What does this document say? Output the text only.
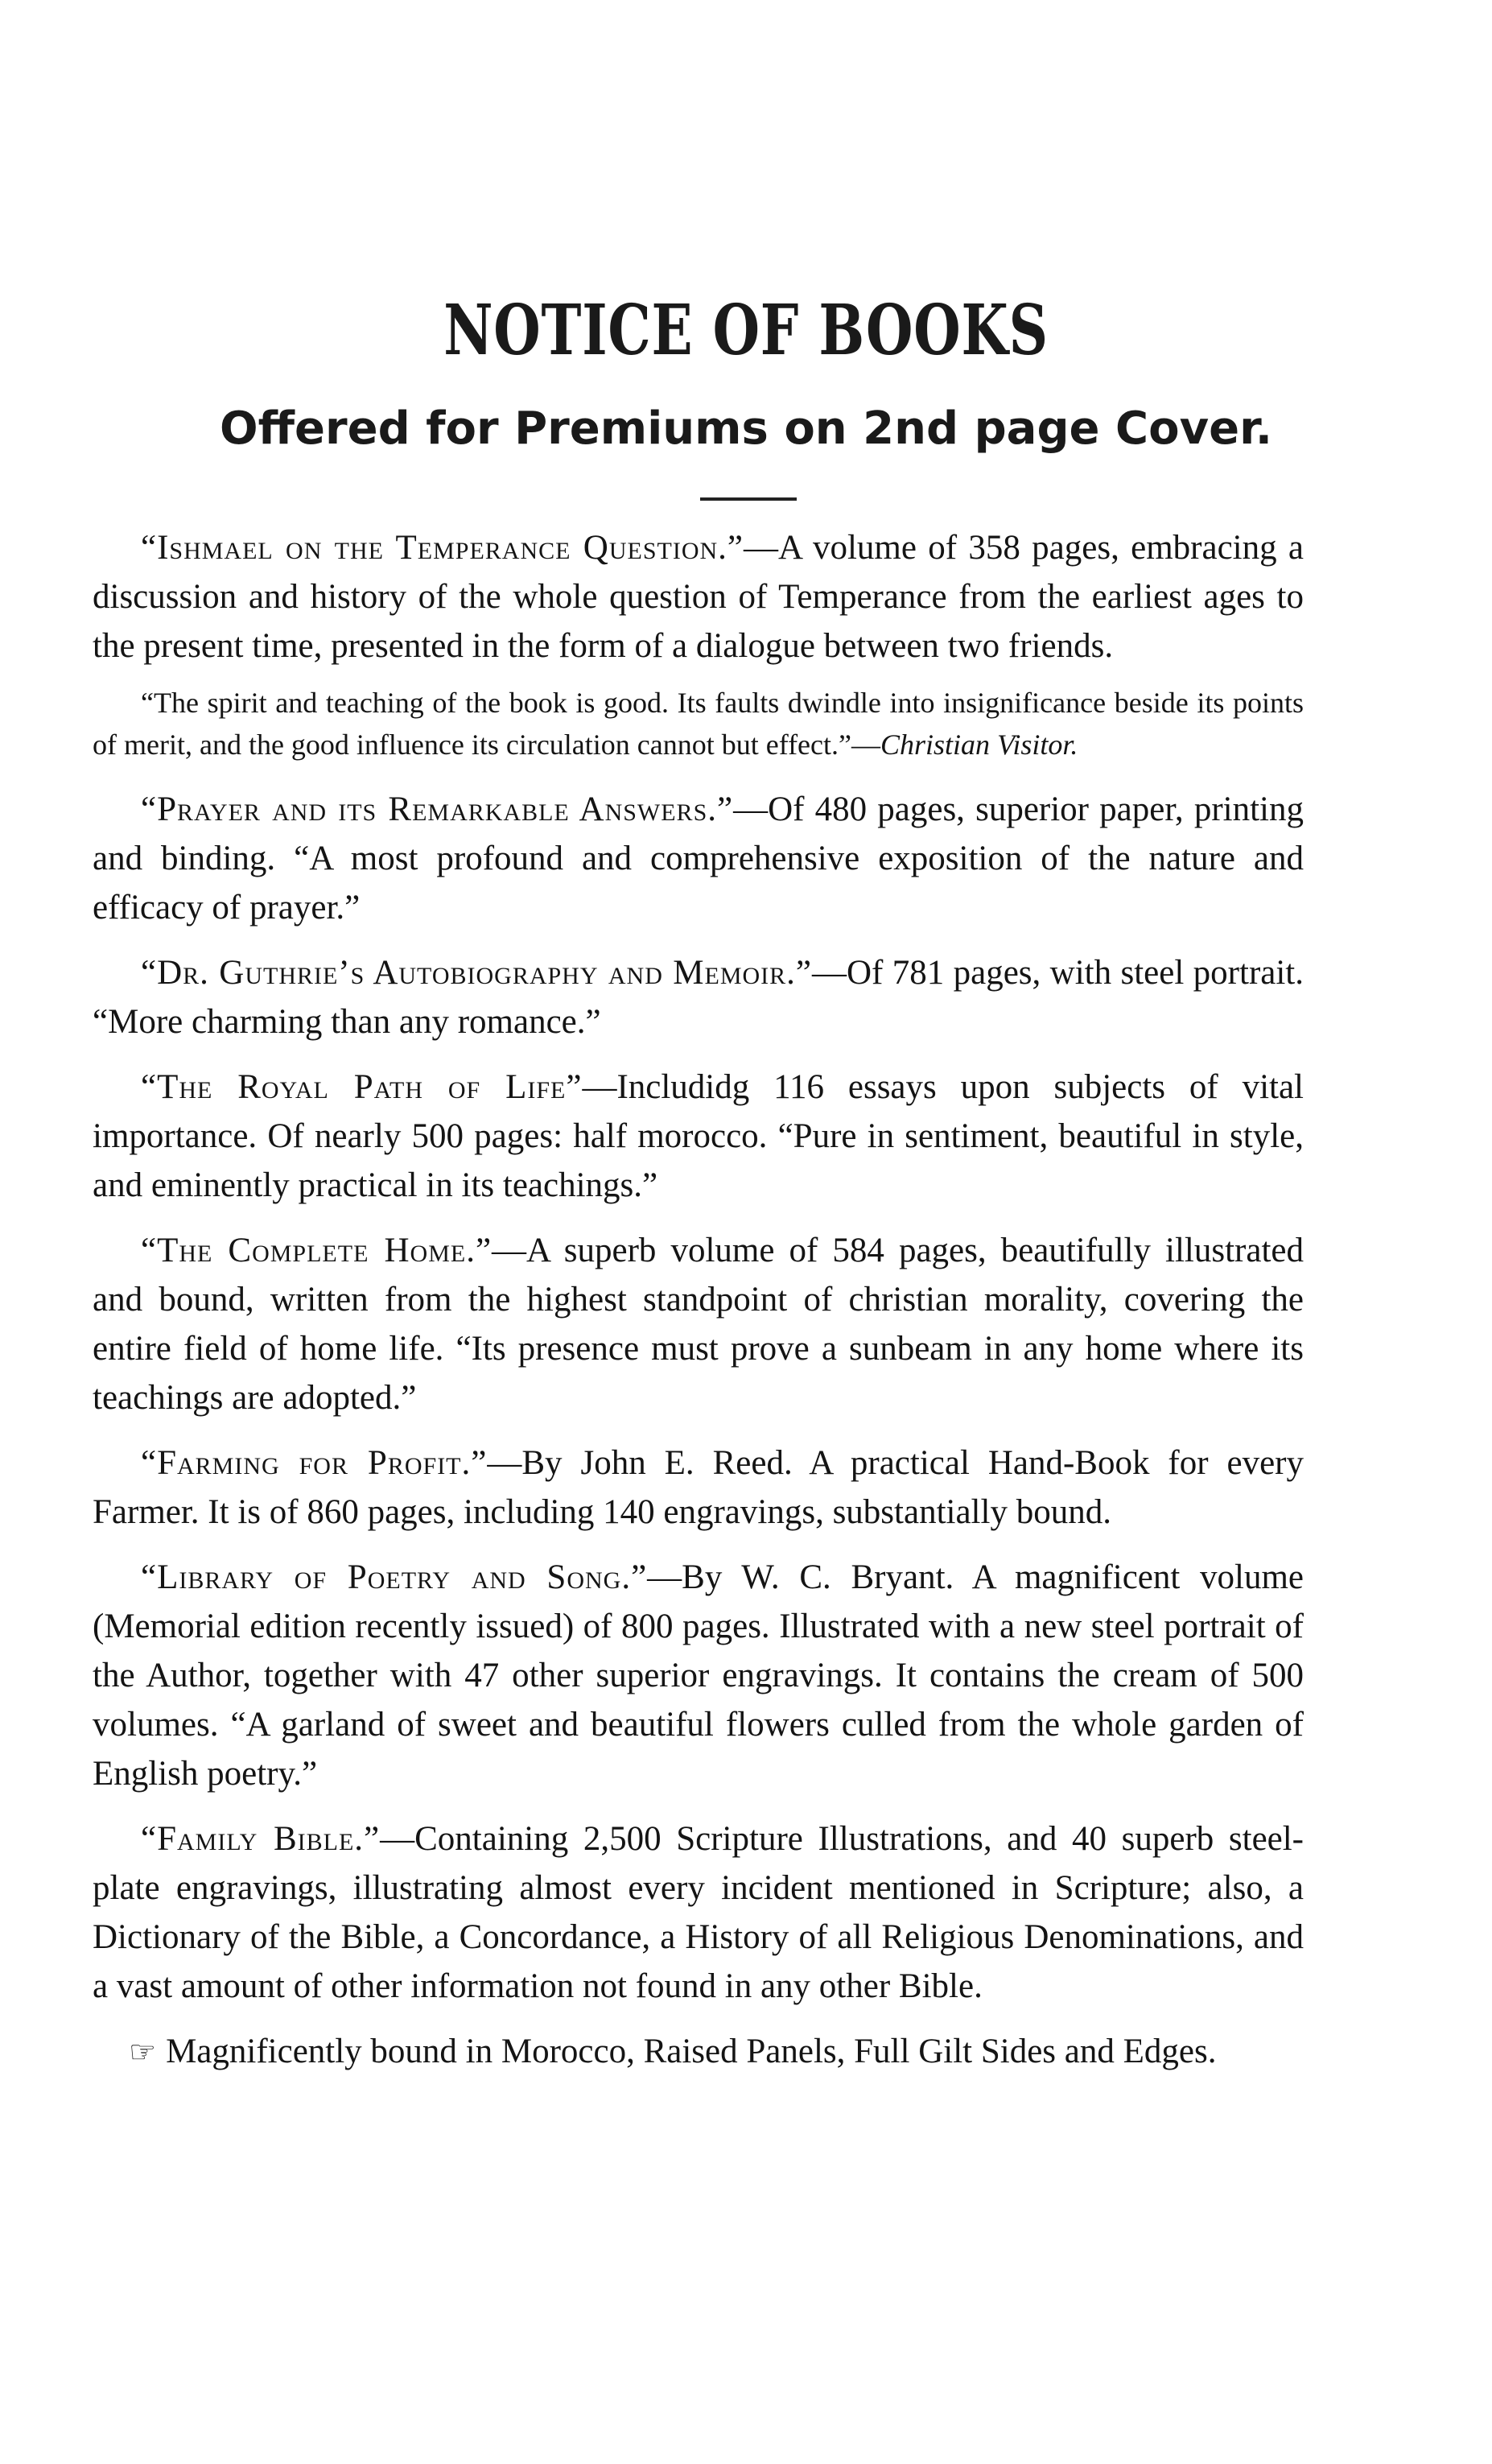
NOTICE OF BOOKS
Offered for Premiums on 2nd page Cover.

“Ishmael on the Temperance Question.”—A volume of 358 pages, embracing a discussion and history of the whole question of Temperance from the earliest ages to the present time, presented in the form of a dialogue between two friends.

“The spirit and teaching of the book is good. Its faults dwindle into insignificance beside its points of merit, and the good influence its circulation cannot but effect.”—Christian Visitor.

“Prayer and its Remarkable Answers.”—Of 480 pages, superior paper, printing and binding. “A most profound and comprehensive exposition of the nature and efficacy of prayer.”

“Dr. Guthrie’s Autobiography and Memoir.”—Of 781 pages, with steel portrait. “More charming than any romance.”

“The Royal Path of Life”—Includidg 116 essays upon subjects of vital importance. Of nearly 500 pages: half morocco. “Pure in sentiment, beautiful in style, and eminently practical in its teachings.”

“The Complete Home.”—A superb volume of 584 pages, beautifully illustrated and bound, written from the highest standpoint of christian morality, covering the entire field of home life. “Its presence must prove a sunbeam in any home where its teachings are adopted.”

“Farming for Profit.”—By John E. Reed. A practical Hand-Book for every Farmer. It is of 860 pages, including 140 engravings, substantially bound.

“Library of Poetry and Song.”—By W. C. Bryant. A magnificent volume (Memorial edition recently issued) of 800 pages. Illustrated with a new steel portrait of the Author, together with 47 other superior engravings. It contains the cream of 500 volumes. “A garland of sweet and beautiful flowers culled from the whole garden of English poetry.”

“Family Bible.”—Containing 2,500 Scripture Illustrations, and 40 superb steel-plate engravings, illustrating almost every incident mentioned in Scripture; also, a Dictionary of the Bible, a Concordance, a History of all Religious Denominations, and a vast amount of other information not found in any other Bible.

☞ Magnificently bound in Morocco, Raised Panels, Full Gilt Sides and Edges.
